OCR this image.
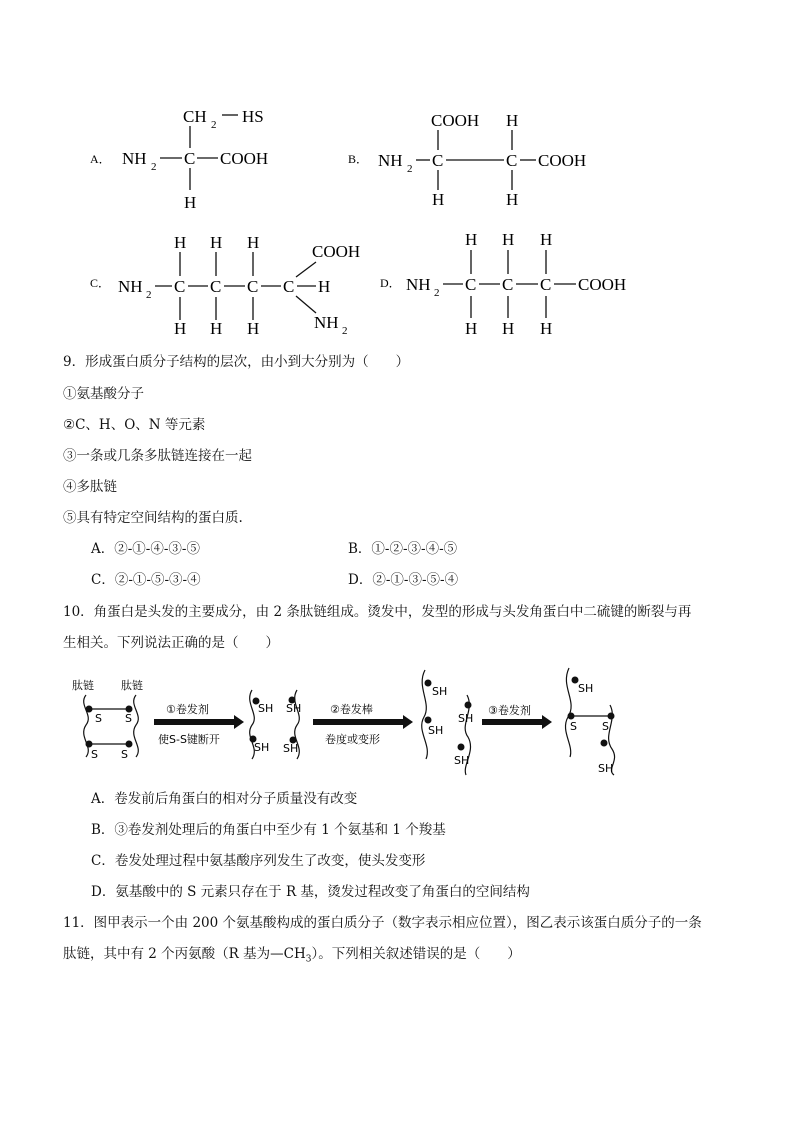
A．
CH 2 HS
NH 2 C COOH
H
B．
COOH H
NH 2 C	C COOH
H	H
C．
H H H	COOH
NH 2 C C C C H
H H H	NH 2
D．
H H H
NH 2 C C C COOH
H H H
9．形成蛋白质分子结构的层次，由小到大分别为（　　）
①氨基酸分子
②C、H、O、N 等元素
③一条或几条多肽链连接在一起
④多肽链
⑤具有特定空间结构的蛋白质.
A．②-①-④-③-⑤	B．①-②-③-④-⑤
C．②-①-⑤-③-④	D．②-①-③-⑤-④
10．角蛋白是头发的主要成分，由 2 条肽链组成。烫发中，发型的形成与头发角蛋白中二硫键的断裂与再
生相关。下列说法正确的是（　　）
肽链 肽链
S S
S S
①卷发剂
使S-S键断开
SH
SH
SH
SH
②卷发棒
卷度或变形
SH
SH
SH
SH
③卷发剂
SH
S S
SH
A．卷发前后角蛋白的相对分子质量没有改变
B．③卷发剂处理后的角蛋白中至少有 1 个氨基和 1 个羧基
C．卷发处理过程中氨基酸序列发生了改变，使头发变形
D．氨基酸中的 S 元素只存在于 R 基，烫发过程改变了角蛋白的空间结构
11．图甲表示一个由 200 个氨基酸构成的蛋白质分子（数字表示相应位置），图乙表示该蛋白质分子的一条
肽链，其中有 2 个丙氨酸（R 基为$—CH_3$）。下列相关叙述错误的是（　　）
